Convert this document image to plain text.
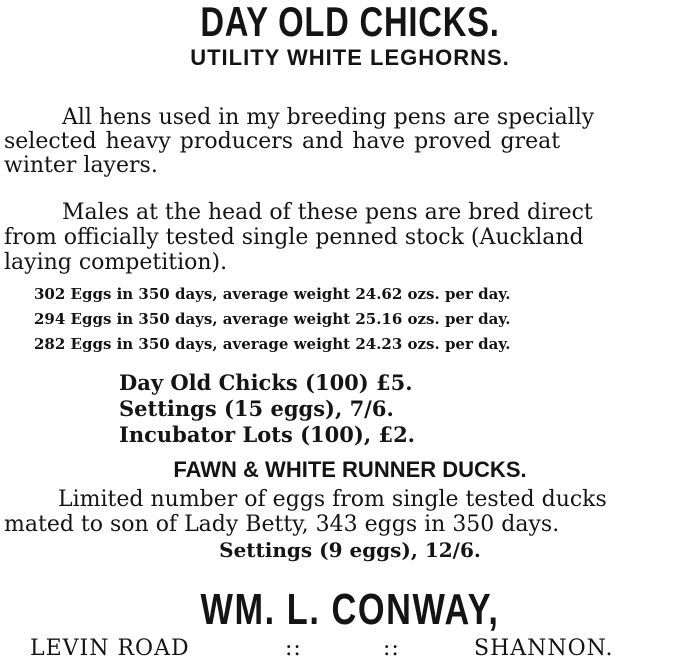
DAY OLD CHICKS.
UTILITY WHITE LEGHORNS.

All hens used in my breeding pens are specially

selected heavy producers and have proved great

winter layers.

Males at the head of these pens are bred direct

from officially tested single penned stock (Auckland

laying competition).

302 Eggs in 350 days, average weight 24.62 ozs. per day.

294 Eggs in 350 days, average weight 25.16 ozs. per day.

282 Eggs in 350 days, average weight 24.23 ozs. per day.

Day Old Chicks (100) £5.

Settings (15 eggs), 7/6.

Incubator Lots (100), £2.

FAWN & WHITE RUNNER DUCKS.

Limited number of eggs from single tested ducks

mated to son of Lady Betty, 343 eggs in 350 days.

Settings (9 eggs), 12/6.

WM. L. CONWAY,
LEVIN ROAD	::	::	SHANNON.
